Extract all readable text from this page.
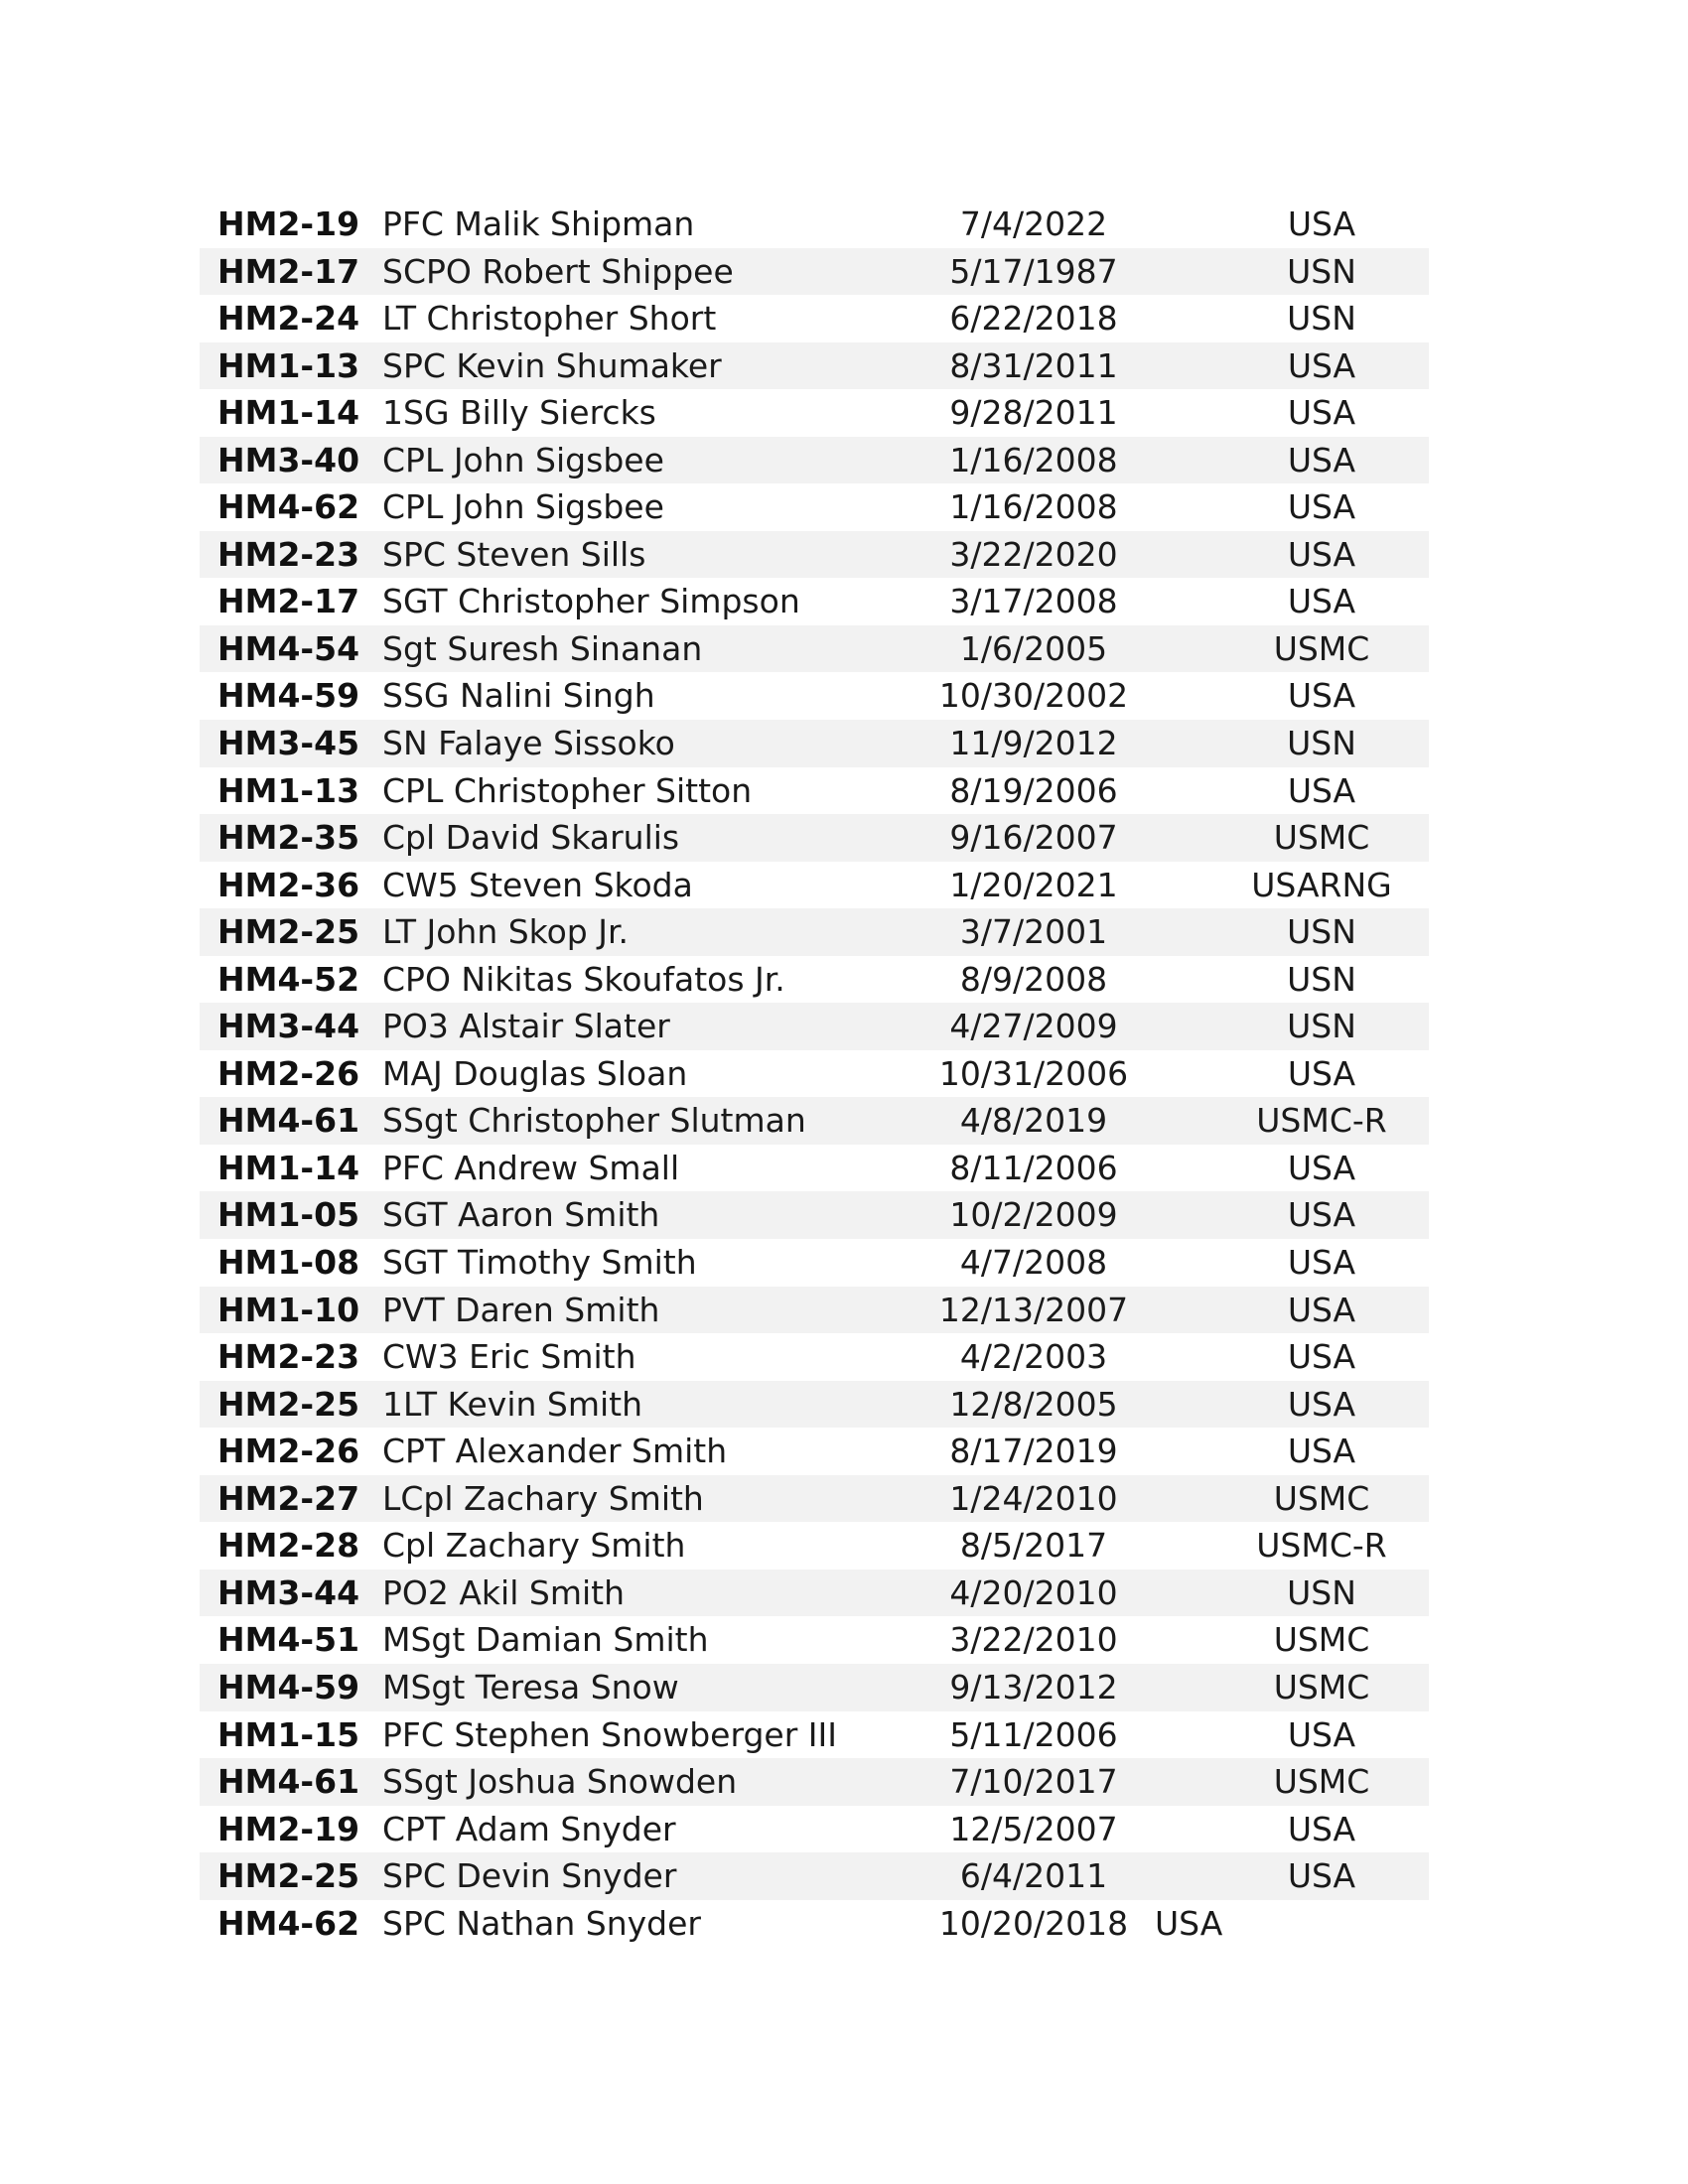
HM2-19 PFC Malik Shipman	7/4/2022	USA
HM2-17 SCPO Robert Shippee	5/17/1987	USN
HM2-24 LT Christopher Short	6/22/2018	USN
HM1-13 SPC Kevin Shumaker	8/31/2011	USA
HM1-14 1SG Billy Siercks	9/28/2011	USA
HM3-40 CPL John Sigsbee	1/16/2008	USA
HM4-62 CPL John Sigsbee	1/16/2008	USA
HM2-23 SPC Steven Sills	3/22/2020	USA
HM2-17 SGT Christopher Simpson	3/17/2008	USA
HM4-54 Sgt Suresh Sinanan	1/6/2005	USMC
HM4-59 SSG Nalini Singh	10/30/2002	USA
HM3-45 SN Falaye Sissoko	11/9/2012	USN
HM1-13 CPL Christopher Sitton	8/19/2006	USA
HM2-35 Cpl David Skarulis	9/16/2007	USMC
HM2-36 CW5 Steven Skoda	1/20/2021	USARNG
HM2-25 LT John Skop Jr.	3/7/2001	USN
HM4-52 CPO Nikitas Skoufatos Jr.	8/9/2008	USN
HM3-44 PO3 Alstair Slater	4/27/2009	USN
HM2-26 MAJ Douglas Sloan	10/31/2006	USA
HM4-61 SSgt Christopher Slutman	4/8/2019	USMC-R
HM1-14 PFC Andrew Small	8/11/2006	USA
HM1-05 SGT Aaron Smith	10/2/2009	USA
HM1-08 SGT Timothy Smith	4/7/2008	USA
HM1-10 PVT Daren Smith	12/13/2007	USA
HM2-23 CW3 Eric Smith	4/2/2003	USA
HM2-25 1LT Kevin Smith	12/8/2005	USA
HM2-26 CPT Alexander Smith	8/17/2019	USA
HM2-27 LCpl Zachary Smith	1/24/2010	USMC
HM2-28 Cpl Zachary Smith	8/5/2017	USMC-R
HM3-44 PO2 Akil Smith	4/20/2010	USN
HM4-51 MSgt Damian Smith	3/22/2010	USMC
HM4-59 MSgt Teresa Snow	9/13/2012	USMC
HM1-15 PFC Stephen Snowberger III	5/11/2006	USA
HM4-61 SSgt Joshua Snowden	7/10/2017	USMC
HM2-19 CPT Adam Snyder	12/5/2007	USA
HM2-25 SPC Devin Snyder	6/4/2011	USA
HM4-62 SPC Nathan Snyder	10/20/2018 USA
